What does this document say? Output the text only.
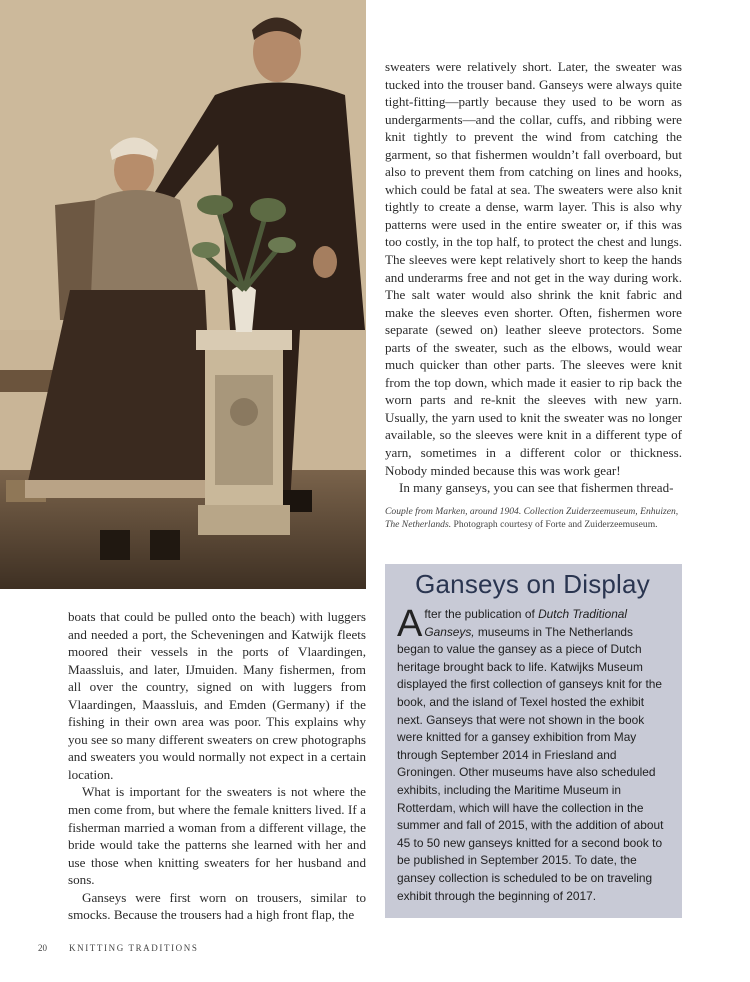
sweaters were relatively short. Later, the sweater was tucked into the trouser band. Ganseys were always quite tight-fitting—partly because they used to be worn as undergarments—and the collar, cuffs, and ribbing were knit tightly to prevent the wind from catching the garment, so that fishermen wouldn’t fall overboard, but also to prevent them from catching on lines and hooks, which could be fatal at sea. The sweaters were also knit tightly to create a dense, warm layer. This is also why patterns were used in the entire sweater or, if this was too costly, in the top half, to protect the chest and lungs. The sleeves were kept relatively short to keep the hands and underarms free and not get in the way during work. The salt water would also shrink the knit fabric and make the sleeves even shorter. Often, fishermen wore separate (sewed on) leather sleeve protectors. Some parts of the sweater, such as the elbows, would wear much quicker than other parts. The sleeves were knit from the top down, which made it easier to rip back the worn parts and re-knit the sleeves with new yarn. Usually, the yarn used to knit the sweater was no longer available, so the sleeves were knit in a different type of yarn, sometimes in a different color or thickness. Nobody minded because this was work gear!

In many ganseys, you can see that fishermen thread-

Couple from Marken, around 1904. Collection Zuiderzeemuseum, Enhuizen, The Netherlands. Photograph courtesy of Forte and Zuiderzeemuseum.

boats that could be pulled onto the beach) with luggers and needed a port, the Scheveningen and Katwijk fleets moored their vessels in the ports of Vlaardingen, Maassluis, and later, IJmuiden. Many fishermen, from all over the country, signed on with luggers from Vlaardingen, Maassluis, and Emden (Germany) if the fishing in their own area was poor. This explains why you see so many different sweaters on crew photographs and sweaters you would normally not expect in a certain location.

What is important for the sweaters is not where the men come from, but where the female knitters lived. If a fisherman married a woman from a different village, the bride would take the patterns she learned with her and use those when knitting sweaters for her husband and sons.

Ganseys were first worn on trousers, similar to smocks. Because the trousers had a high front flap, the

Ganseys on Display
After the publication of Dutch Traditional Ganseys, museums in The Netherlands began to value the gansey as a piece of Dutch heritage brought back to life. Katwijks Museum displayed the first collection of ganseys knit for the book, and the island of Texel hosted the exhibit next. Ganseys that were not shown in the book were knitted for a gansey exhibition from May through September 2014 in Friesland and Groningen. Other museums have also scheduled exhibits, including the Maritime Museum in Rotterdam, which will have the collection in the summer and fall of 2015, with the addition of about 45 to 50 new ganseys knitted for a second book to be published in September 2015. To date, the gansey collection is scheduled to be on traveling exhibit through the beginning of 2017.
20 KNITTING TRADITIONS
